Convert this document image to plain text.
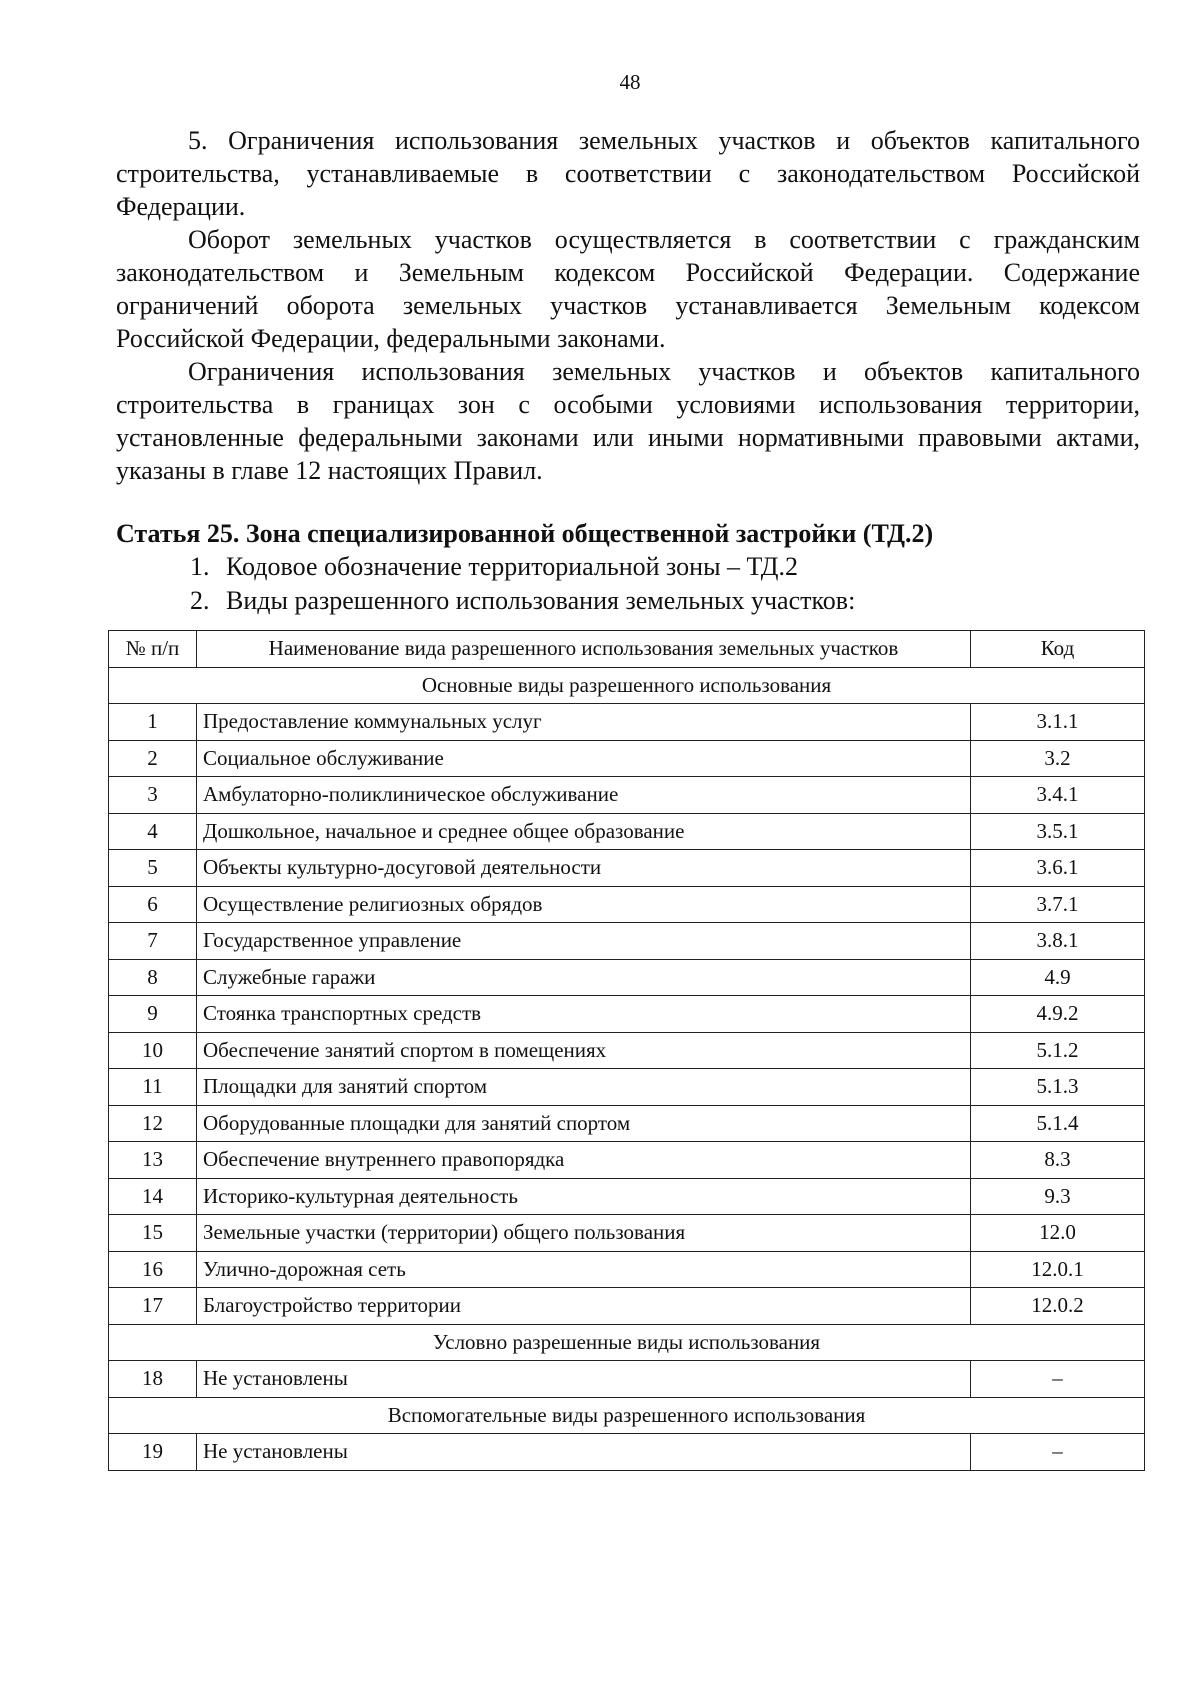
48

5. Ограничения использования земельных участков и объектов капитального строительства, устанавливаемые в соответствии с законодательством Российской Федерации.

Оборот земельных участков осуществляется в соответствии с гражданским законодательством и Земельным кодексом Российской Федерации. Содержание ограничений оборота земельных участков устанавливается Земельным кодексом Российской Федерации, федеральными законами.

Ограничения использования земельных участков и объектов капитального строительства в границах зон с особыми условиями использования территории, установленные федеральными законами или иными нормативными правовыми актами, указаны в главе 12 настоящих Правил.

Статья 25. Зона специализированной общественной застройки (ТД.2)

1. Кодовое обозначение территориальной зоны – ТД.2

2. Виды разрешенного использования земельных участков:

№ п/п	Наименование вида разрешенного использования земельных участков	Код
Основные виды разрешенного использования		
1	Предоставление коммунальных услуг	3.1.1
2	Социальное обслуживание	3.2
3	Амбулаторно-поликлиническое обслуживание	3.4.1
4	Дошкольное, начальное и среднее общее образование	3.5.1
5	Объекты культурно-досуговой деятельности	3.6.1
6	Осуществление религиозных обрядов	3.7.1
7	Государственное управление	3.8.1
8	Служебные гаражи	4.9
9	Стоянка транспортных средств	4.9.2
10	Обеспечение занятий спортом в помещениях	5.1.2
11	Площадки для занятий спортом	5.1.3
12	Оборудованные площадки для занятий спортом	5.1.4
13	Обеспечение внутреннего правопорядка	8.3
14	Историко-культурная деятельность	9.3
15	Земельные участки (территории) общего пользования	12.0
16	Улично-дорожная сеть	12.0.1
17	Благоустройство территории	12.0.2
Условно разрешенные виды использования		
18	Не установлены	–
Вспомогательные виды разрешенного использования		
19	Не установлены	–
